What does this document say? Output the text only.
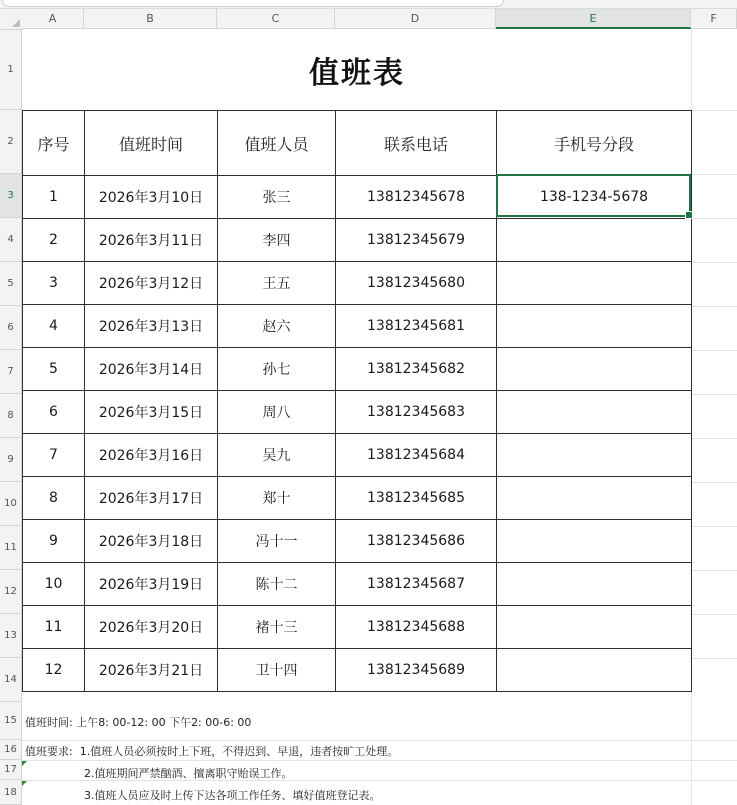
A	B	C	D	E	F
1
2
3
4
5
6
7
8
9
10
11
12
13
14
15
16
17
18
值班表
序号	值班时间	值班人员	联系电话	手机号分段
1	2026年3月10日	张三	13812345678	138-1234-5678
2	2026年3月11日	李四	13812345679	
3	2026年3月12日	王五	13812345680	
4	2026年3月13日	赵六	13812345681	
5	2026年3月14日	孙七	13812345682	
6	2026年3月15日	周八	13812345683	
7	2026年3月16日	吴九	13812345684	
8	2026年3月17日	郑十	13812345685	
9	2026年3月18日	冯十一	13812345686	
10	2026年3月19日	陈十二	13812345687	
11	2026年3月20日	褚十三	13812345688	
12	2026年3月21日	卫十四	13812345689	
值班时间: 上午8: 00-12: 00 下午2: 00-6: 00
值班要求:  1.值班人员必须按时上下班，不得迟到、早退，违者按旷工处理。
2.值班期间严禁酗酒、擅离职守贻误工作。
3.值班人员应及时上传下达各项工作任务、填好值班登记表。
